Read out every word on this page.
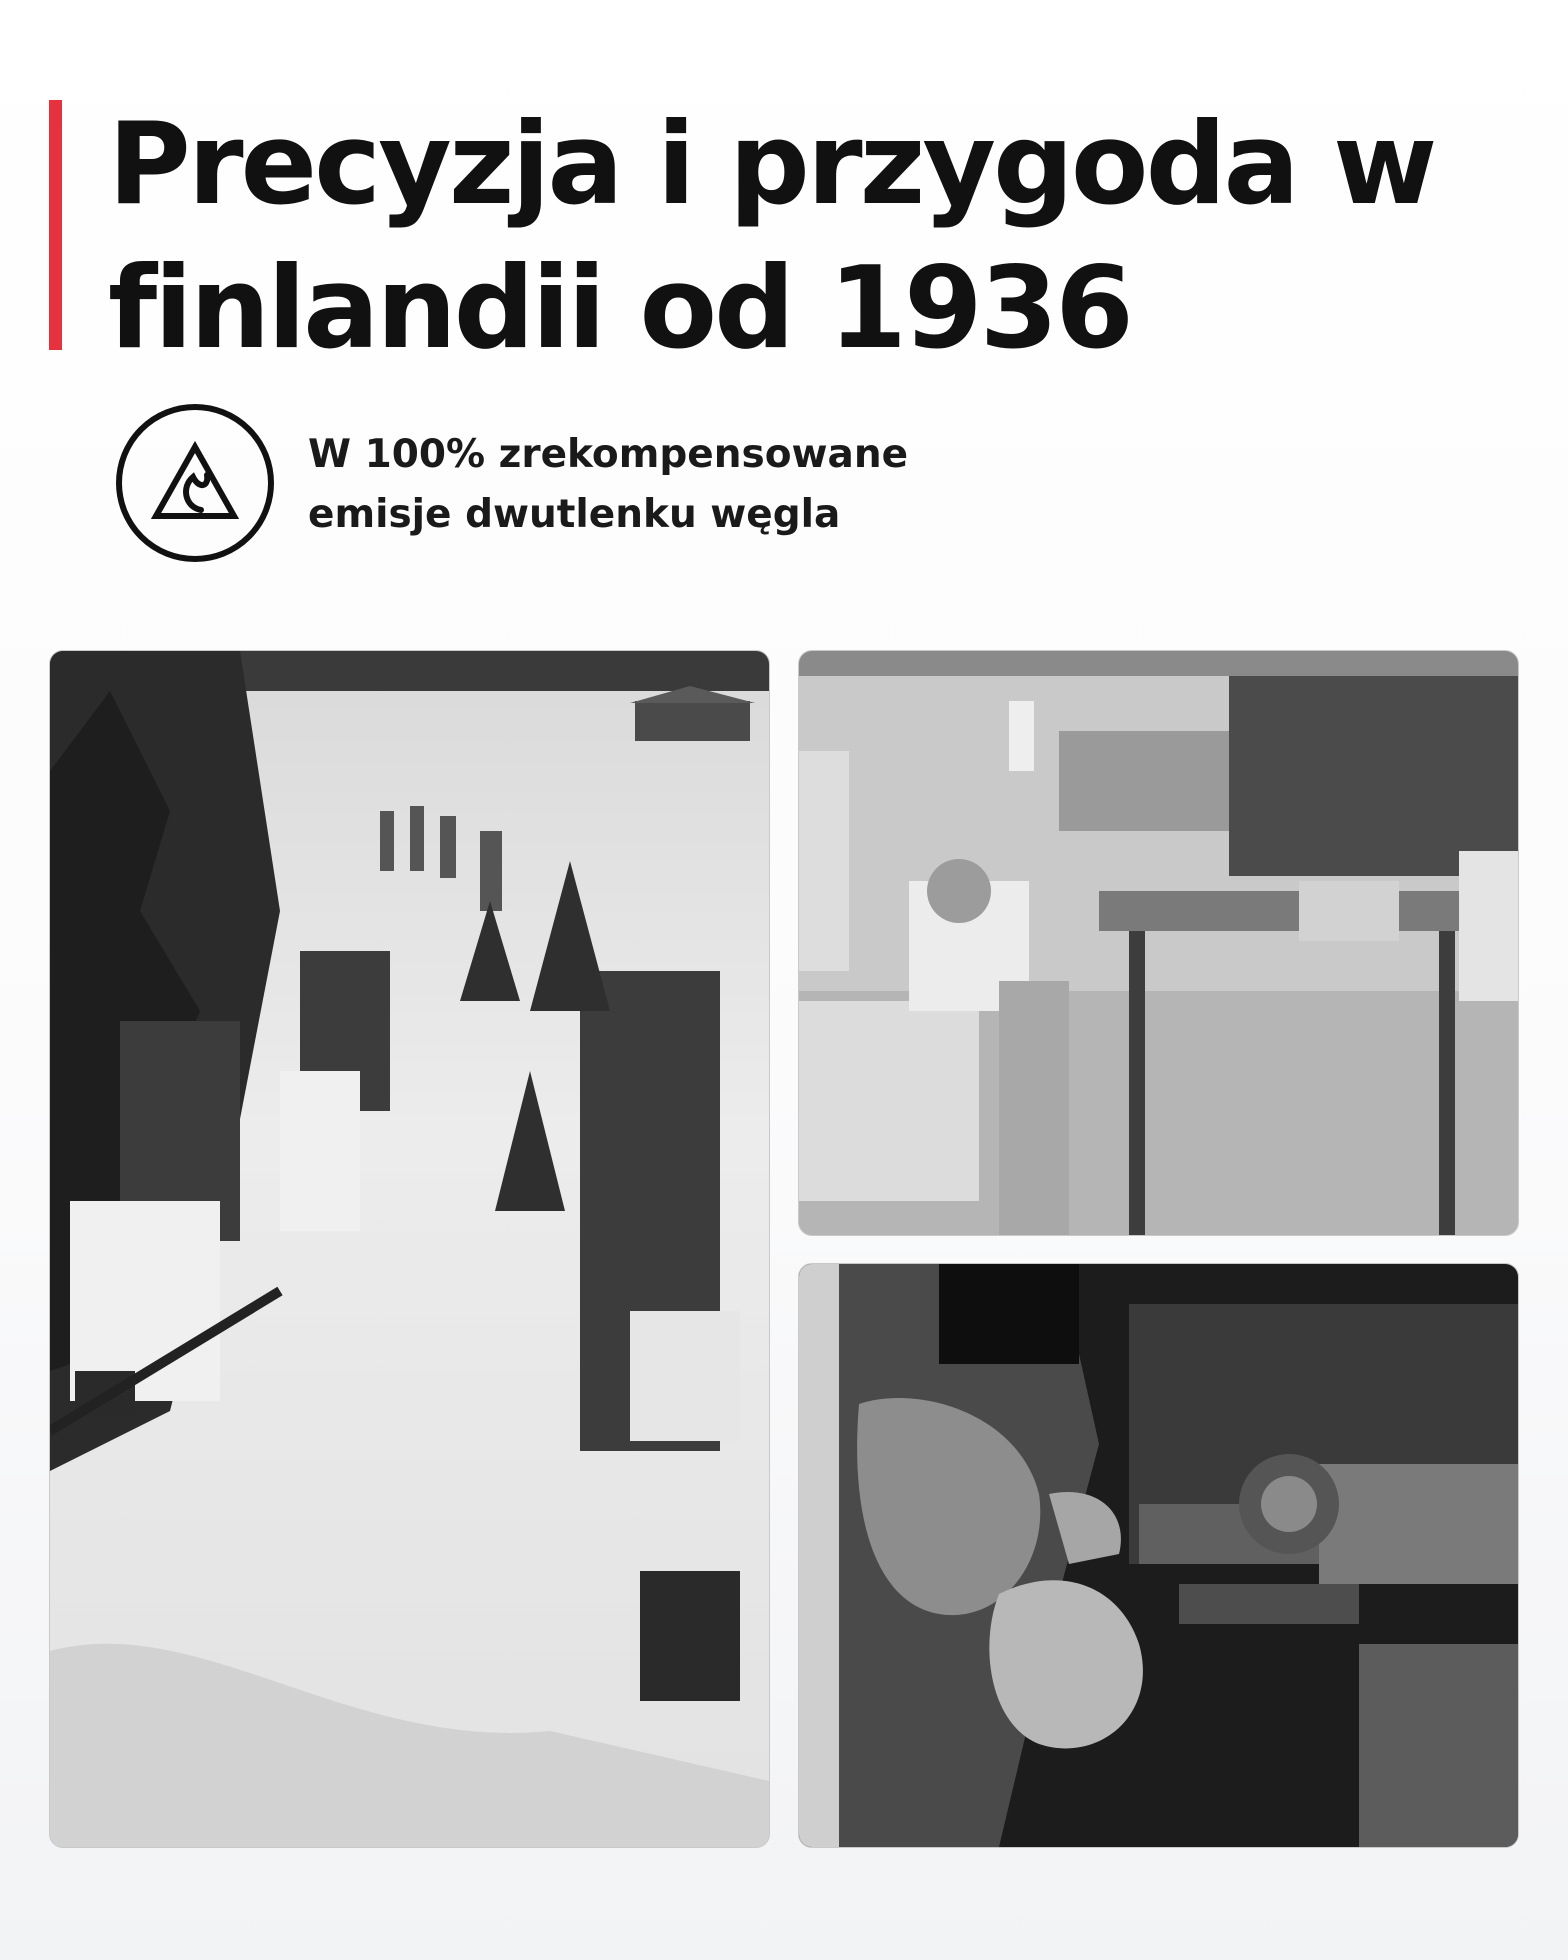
Precyzja i przygoda w
finlandii od 1936

W 100% zrekompensowane
emisje dwutlenku węgla
